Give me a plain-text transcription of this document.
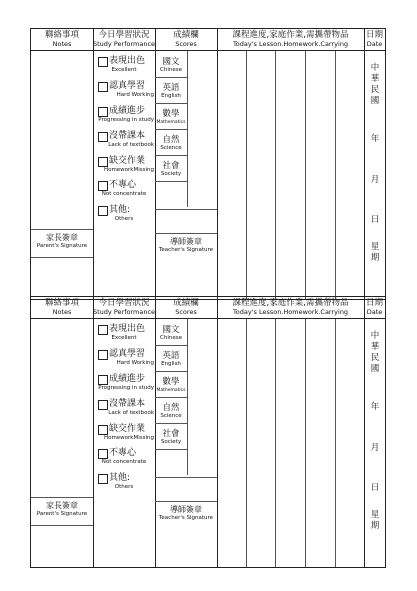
聯絡事項
Notes
今日學習狀況
Study Performance
成績欄
Scores
課程進度,家庭作業,需攜帶物品
Today's Lesson.Homework.Carrying
日期
Date
家長簽章
Parent's Signature
表現出色
Excellent
認真學習
Hard Working
成績進步
Progressing in study
沒帶課本
Lack of textbook
缺交作業
HomeworkMissing
不專心
Not concentrate
其他:
Others
國文
Chinese
英語
English
數學
Mathematics
自然
Science
社會
Society
導師簽章
Teacher's Signature
中
華
民
國
年
月
日
星
期
聯絡事項
Notes
今日學習狀況
Study Performance
成績欄
Scores
課程進度,家庭作業,需攜帶物品
Today's Lesson.Homework.Carrying
日期
Date
家長簽章
Parent's Signature
表現出色
Excellent
認真學習
Hard Working
成績進步
Progressing in study
沒帶課本
Lack of textbook
缺交作業
HomeworkMissing
不專心
Not concentrate
其他:
Others
國文
Chinese
英語
English
數學
Mathematics
自然
Science
社會
Society
導師簽章
Teacher's Signature
中
華
民
國
年
月
日
星
期
